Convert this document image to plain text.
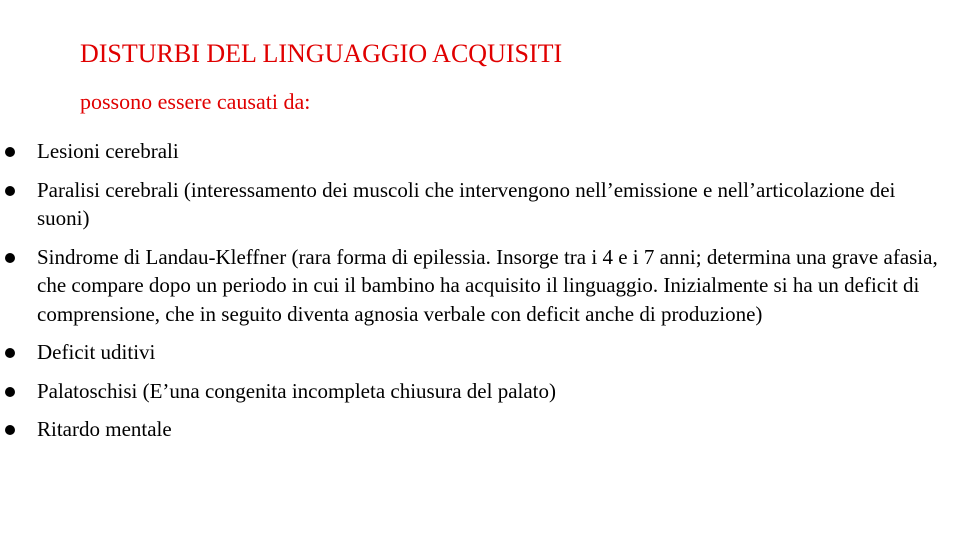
DISTURBI DEL LINGUAGGIO ACQUISITI
possono essere causati da:
Lesioni cerebrali
Paralisi cerebrali (interessamento dei muscoli che intervengono nell’emissione e nell’articolazione dei suoni)
Sindrome di Landau-Kleffner (rara forma di epilessia. Insorge tra i 4 e i 7 anni; determina una grave afasia, che compare dopo un periodo in cui il bambino ha acquisito il linguaggio. Inizialmente si ha un deficit di comprensione, che in seguito diventa agnosia verbale con deficit anche di produzione)
Deficit uditivi
Palatoschisi (E’una congenita incompleta chiusura del palato)
Ritardo mentale
